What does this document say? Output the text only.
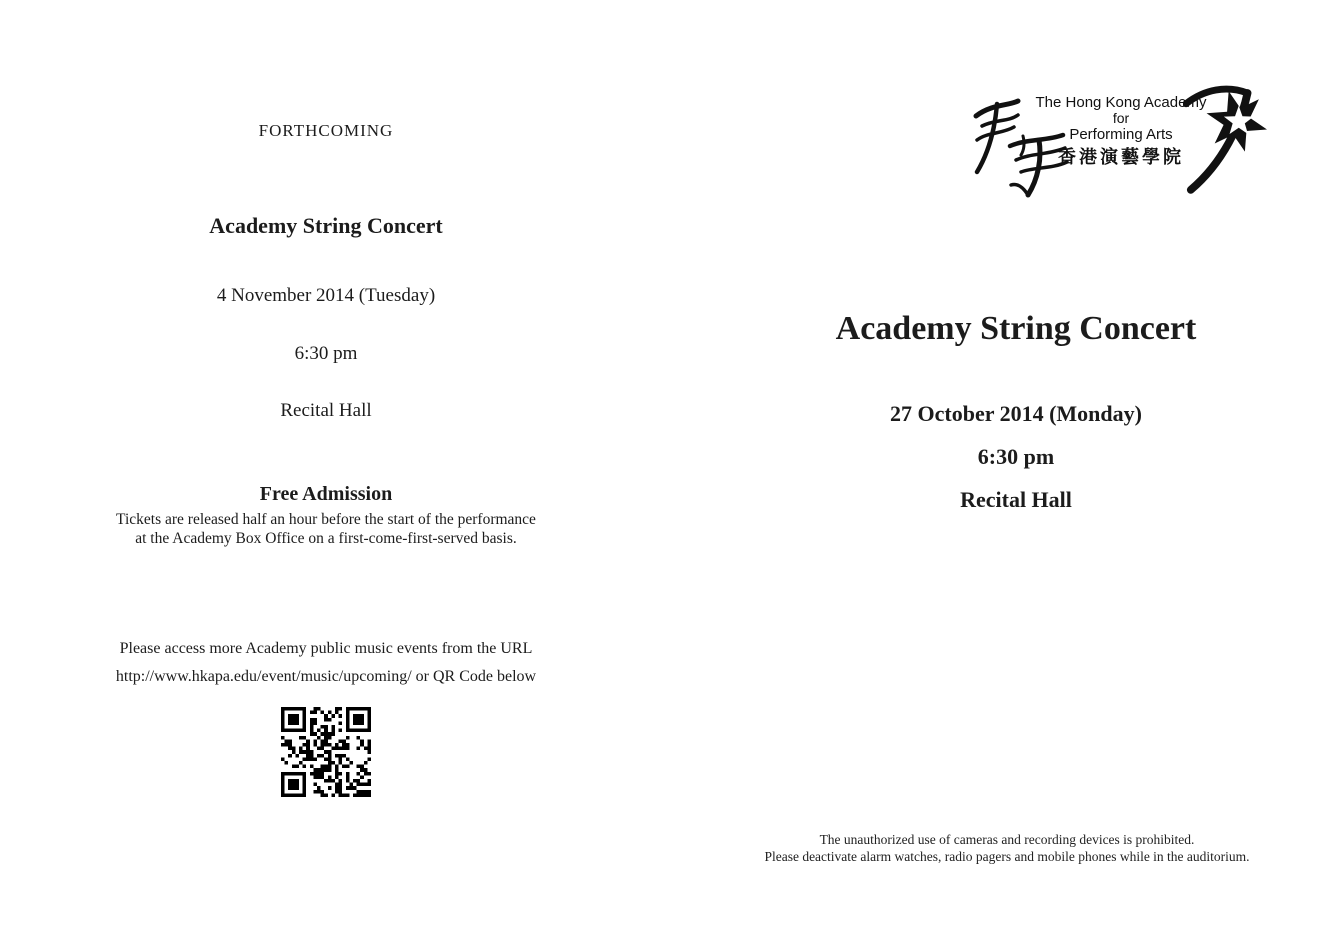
FORTHCOMING
Academy String Concert
4 November 2014 (Tuesday)
6:30 pm
Recital Hall
Free Admission
Tickets are released half an hour before the start of the performance
at the Academy Box Office on a first-come-first-served basis.
Please access more Academy public music events from the URL
http://www.hkapa.edu/event/music/upcoming/ or QR Code below
Academy String Concert
27 October 2014 (Monday)
6:30 pm
Recital Hall
The Hong Kong Academy
for
Performing Arts
香港演藝學院
The unauthorized use of cameras and recording devices is prohibited.
Please deactivate alarm watches, radio pagers and mobile phones while in the auditorium.
